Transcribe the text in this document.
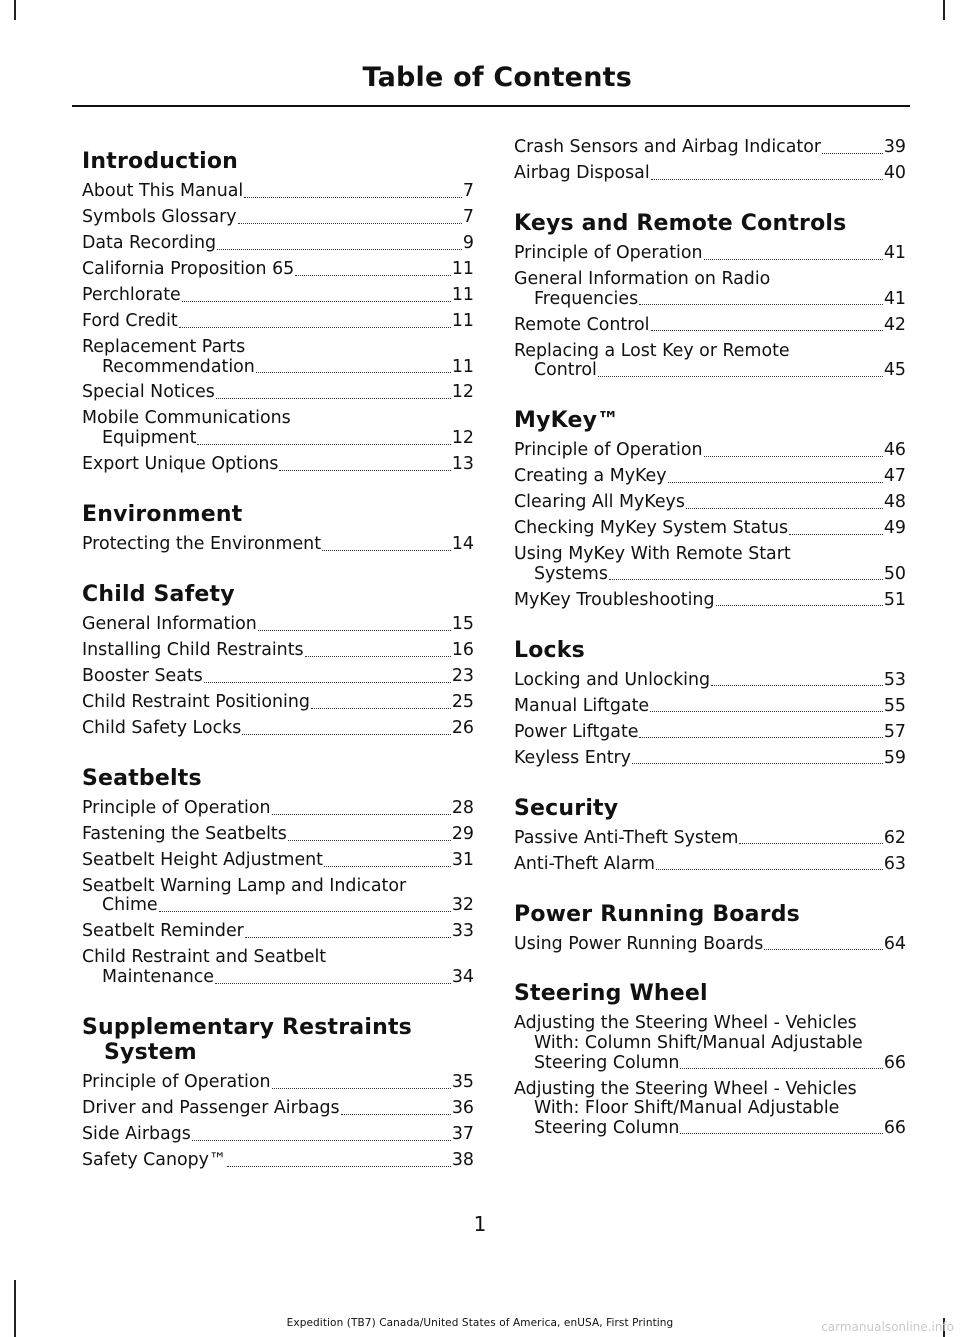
Table of Contents
Introduction
About This Manual	7
Symbols Glossary	7
Data Recording	9
California Proposition 65	11
Perchlorate	11
Ford Credit	11
Replacement Parts
Recommendation	11
Special Notices	12
Mobile Communications
Equipment	12
Export Unique Options	13
Environment
Protecting the Environment	14
Child Safety
General Information	15
Installing Child Restraints	16
Booster Seats	23
Child Restraint Positioning	25
Child Safety Locks	26
Seatbelts
Principle of Operation	28
Fastening the Seatbelts	29
Seatbelt Height Adjustment	31
Seatbelt Warning Lamp and Indicator
Chime	32
Seatbelt Reminder	33
Child Restraint and Seatbelt
Maintenance	34
Supplementary Restraints
System
Principle of Operation	35
Driver and Passenger Airbags	36
Side Airbags	37
Safety Canopy™	38
Crash Sensors and Airbag Indicator	39
Airbag Disposal	40
Keys and Remote Controls
Principle of Operation	41
General Information on Radio
Frequencies	41
Remote Control	42
Replacing a Lost Key or Remote
Control	45
MyKey™
Principle of Operation	46
Creating a MyKey	47
Clearing All MyKeys	48
Checking MyKey System Status	49
Using MyKey With Remote Start
Systems	50
MyKey Troubleshooting	51
Locks
Locking and Unlocking	53
Manual Liftgate	55
Power Liftgate	57
Keyless Entry	59
Security
Passive Anti-Theft System	62
Anti-Theft Alarm	63
Power Running Boards
Using Power Running Boards	64
Steering Wheel
Adjusting the Steering Wheel - Vehicles
With: Column Shift/Manual Adjustable
Steering Column	66
Adjusting the Steering Wheel - Vehicles
With: Floor Shift/Manual Adjustable
Steering Column	66
1
Expedition (TB7) Canada/United States of America, enUSA, First Printing	carmanualsonline.info
